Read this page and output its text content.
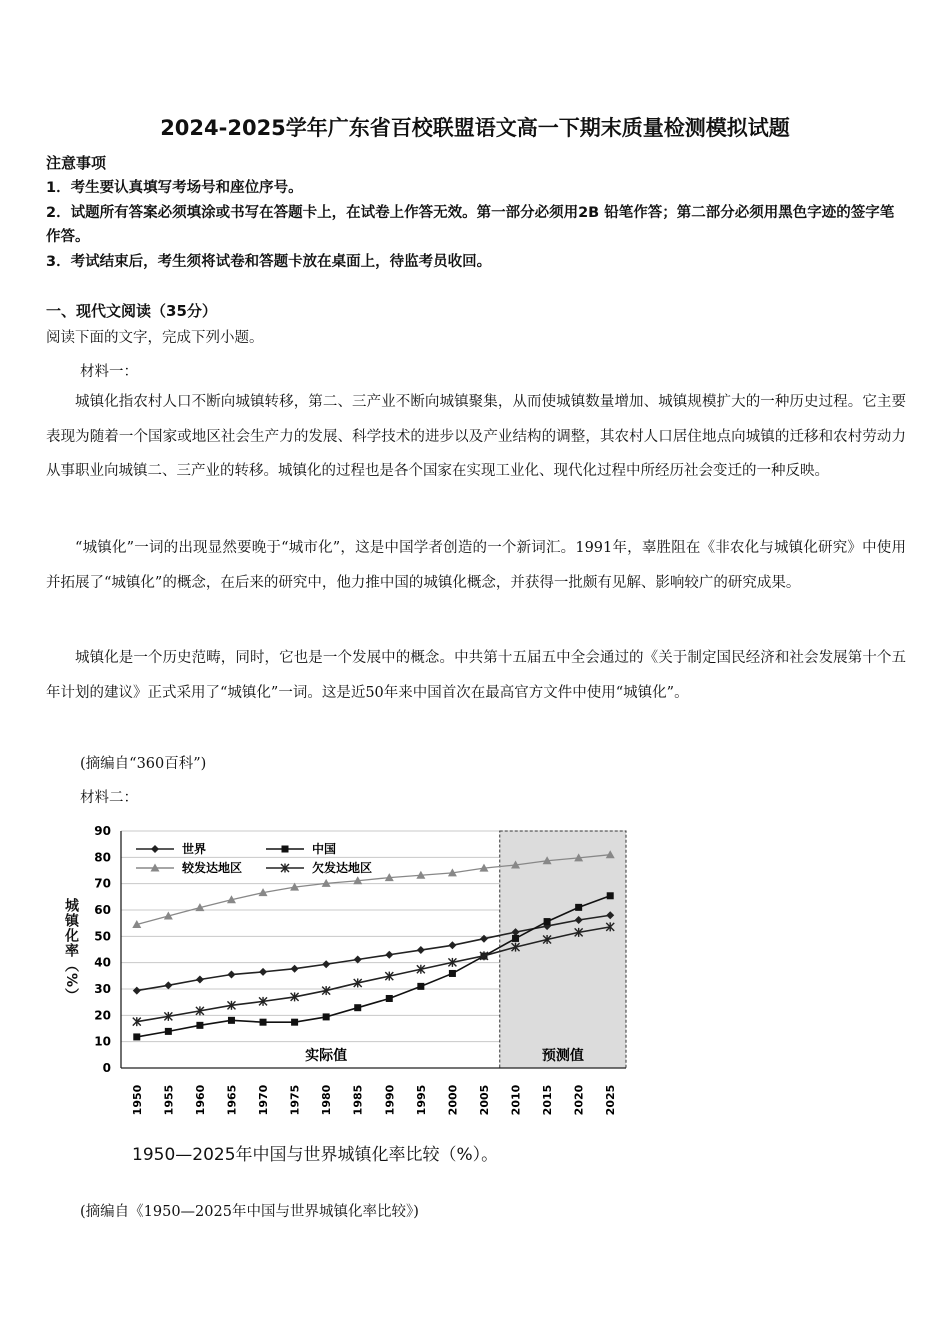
2024-2025学年广东省百校联盟语文高一下期末质量检测模拟试题
注意事项
1．考生要认真填写考场号和座位序号。
2．试题所有答案必须填涂或书写在答题卡上，在试卷上作答无效。第一部分必须用2B 铅笔作答；第二部分必须用黑色字迹的签字笔作答。
3．考试结束后，考生须将试卷和答题卡放在桌面上，待监考员收回。
一、现代文阅读（35分）
阅读下面的文字，完成下列小题。
材料一：
城镇化指农村人口不断向城镇转移，第二、三产业不断向城镇聚集，从而使城镇数量增加、城镇规模扩大的一种历史过程。它主要表现为随着一个国家或地区社会生产力的发展、科学技术的进步以及产业结构的调整，其农村人口居住地点向城镇的迁移和农村劳动力从事职业向城镇二、三产业的转移。城镇化的过程也是各个国家在实现工业化、现代化过程中所经历社会变迁的一种反映。
“城镇化”一词的出现显然要晚于“城市化”，这是中国学者创造的一个新词汇。1991年，辜胜阻在《非农化与城镇化研究》中使用并拓展了“城镇化”的概念，在后来的研究中，他力推中国的城镇化概念，并获得一批颇有见解、影响较广的研究成果。
城镇化是一个历史范畴，同时，它也是一个发展中的概念。中共第十五届五中全会通过的《关于制定国民经济和社会发展第十个五年计划的建议》正式采用了“城镇化”一词。这是近50年来中国首次在最高官方文件中使用“城镇化”。
(摘编自“360百科”)
材料二：
0
10
20
30
40
50
60
70
80
90
1950 1955 1960 1965 1970 1975 1980 1985 1990 1995 2000 2005 2010 2015 2020 2025
世界	中国
较发达地区	欠发达地区
实际值	预测值
城镇化率（%）
1950—2025年中国与世界城镇化率比较（%）。
(摘编自《1950—2025年中国与世界城镇化率比较》)
